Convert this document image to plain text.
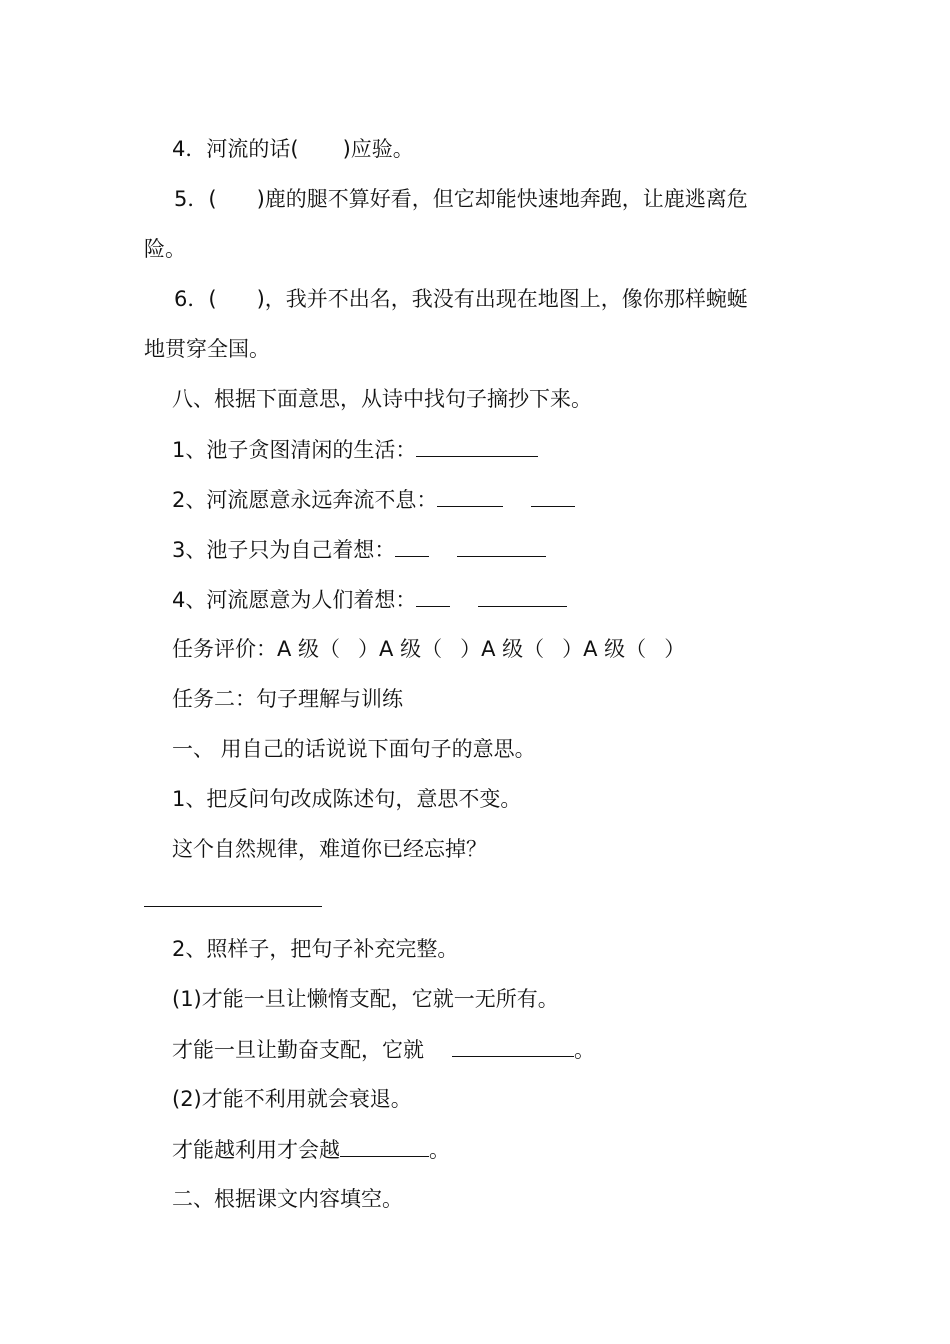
4．河流的话( )应验。
5．( )鹿的腿不算好看，但它却能快速地奔跑，让鹿逃离危
险。
6．( )，我并不出名，我没有出现在地图上，像你那样蜿蜒
地贯穿全国。
八、根据下面意思，从诗中找句子摘抄下来。
1、池子贪图清闲的生活：
2、河流愿意永远奔流不息：
3、池子只为自己着想：
4、河流愿意为人们着想：
任务评价：A 级（ ）A 级（ ）A 级（ ）A 级（ ）
任务二：句子理解与训练
一、 用自己的话说说下面句子的意思。
1、把反问句改成陈述句，意思不变。
这个自然规律，难道你已经忘掉？
2、照样子，把句子补充完整。
(1)才能一旦让懒惰支配，它就一无所有。
才能一旦让勤奋支配，它就	。
(2)才能不利用就会衰退。
才能越利用才会越	。
二、根据课文内容填空。
